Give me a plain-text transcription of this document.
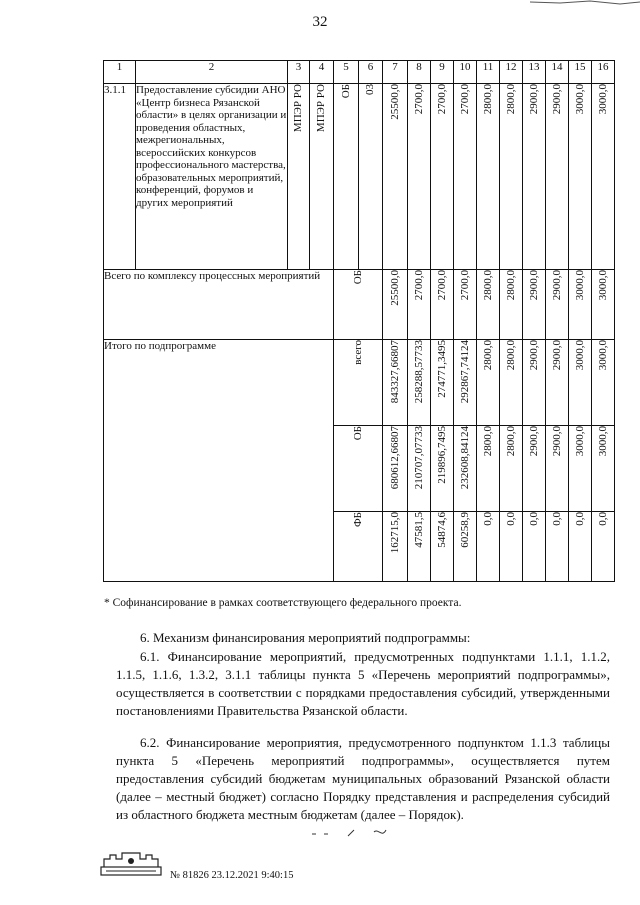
32
1	2	3	4	5	6	7	8	9	10	11	12	13	14	15	16
3.1.1	Предоставление субсидии АНО «Центр бизнеса Рязанской области» в целях организации и проведения областных, межрегиональных, всероссийских конкурсов профессионального мастерства, образовательных мероприятий, конференций, форумов и других мероприятий	МПЭР РО	МПЭР РО	ОБ	03	25500,0	2700,0	2700,0	2700,0	2800,0	2800,0	2900,0	2900,0	3000,0	3000,0

Всего по комплексу процессных мероприятий				ОБ		25500,0	2700,0	2700,0	2700,0	2800,0	2800,0	2900,0	2900,0	3000,0	3000,0

Итого по подпрограмме				всего		843327,66807	258288,57733	274771,3495	292867,74124	2800,0	2800,0	2900,0	2900,0	3000,0	3000,0

				ОБ		680612,66807	210707,07733	219896,7495	232608,84124	2800,0	2800,0	2900,0	2900,0	3000,0	3000,0

				ФБ		162715,0	47581,5	54874,6	60258,9	0,0	0,0	0,0	0,0	0,0	0,0
* Софинансирование в рамках соответствующего федерального проекта.
6. Механизм финансирования мероприятий подпрограммы:
6.1. Финансирование мероприятий, предусмотренных подпунктами 1.1.1, 1.1.2, 1.1.5, 1.1.6, 1.3.2, 3.1.1 таблицы пункта 5 «Перечень мероприятий подпрограммы», осуществляется в соответствии с порядками предоставления субсидий, утвержденными постановлениями Правительства Рязанской области.
6.2. Финансирование мероприятия, предусмотренного подпунктом 1.1.3 таблицы пункта 5 «Перечень мероприятий подпрограммы», осуществляется путем предоставления субсидий бюджетам муниципальных образований Рязанской области (далее – местный бюджет) согласно Порядку представления и распределения субсидий из областного бюджета местным бюджетам (далее – Порядок).
№ 81826 23.12.2021 9:40:15
